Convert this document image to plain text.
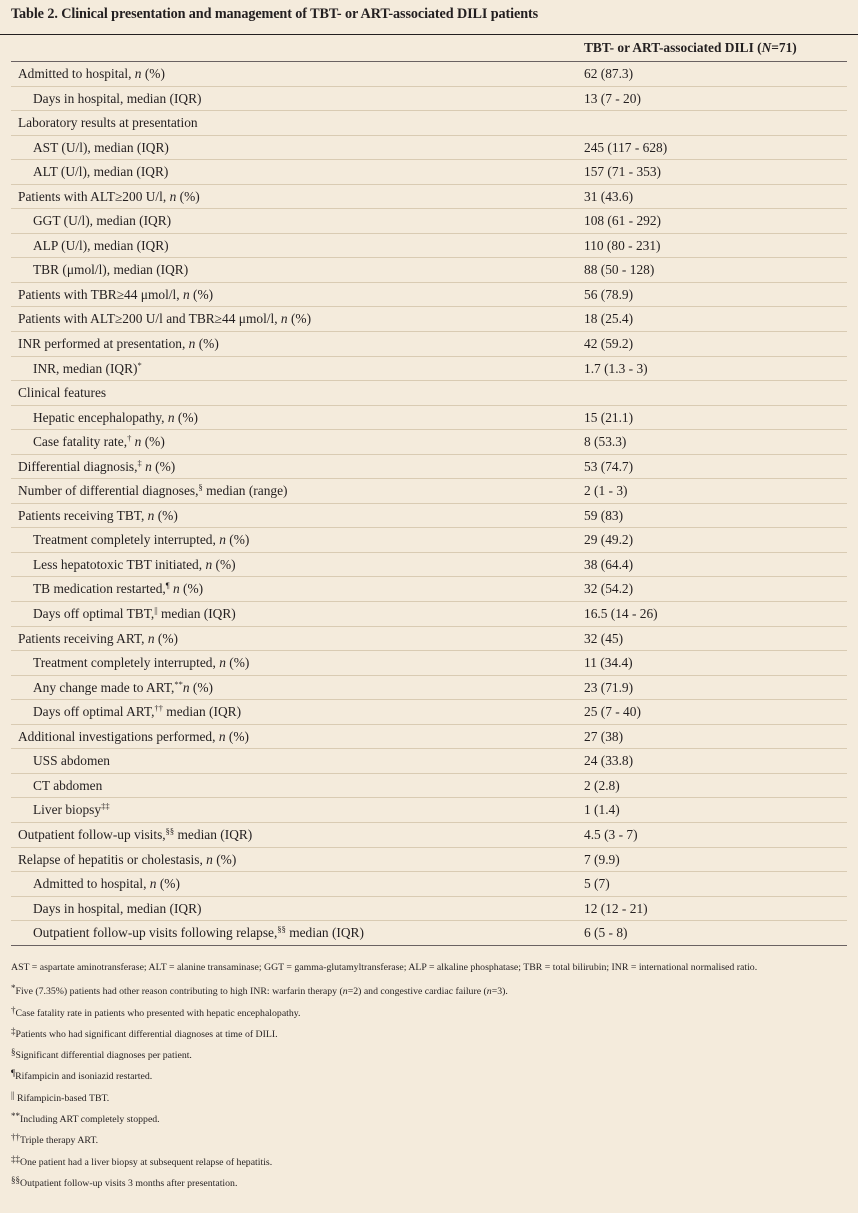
Table 2. Clinical presentation and management of TBT- or ART-associated DILI patients
TBT- or ART-associated DILI (N=71)
Admitted to hospital, n (%)	62 (87.3)
Days in hospital, median (IQR)	13 (7 - 20)
Laboratory results at presentation
AST (U/l), median (IQR)	245 (117 - 628)
ALT (U/l), median (IQR)	157 (71 - 353)
Patients with ALT≥200 U/l, n (%)	31 (43.6)
GGT (U/l), median (IQR)	108 (61 - 292)
ALP (U/l), median (IQR)	110 (80 - 231)
TBR (μmol/l), median (IQR)	88 (50 - 128)
Patients with TBR≥44 μmol/l, n (%)	56 (78.9)
Patients with ALT≥200 U/l and TBR≥44 μmol/l, n (%)	18 (25.4)
INR performed at presentation, n (%)	42 (59.2)
INR, median (IQR)*	1.7 (1.3 - 3)
Clinical features
Hepatic encephalopathy, n (%)	15 (21.1)
Case fatality rate,† n (%)	8 (53.3)
Differential diagnosis,‡ n (%)	53 (74.7)
Number of differential diagnoses,§ median (range)	2 (1 - 3)
Patients receiving TBT, n (%)	59 (83)
Treatment completely interrupted, n (%)	29 (49.2)
Less hepatotoxic TBT initiated, n (%)	38 (64.4)
TB medication restarted,¶ n (%)	32 (54.2)
Days off optimal TBT,|| median (IQR)	16.5 (14 - 26)
Patients receiving ART, n (%)	32 (45)
Treatment completely interrupted, n (%)	11 (34.4)
Any change made to ART,**n (%)	23 (71.9)
Days off optimal ART,†† median (IQR)	25 (7 - 40)
Additional investigations performed, n (%)	27 (38)
USS abdomen	24 (33.8)
CT abdomen	2 (2.8)
Liver biopsy‡‡	1 (1.4)
Outpatient follow-up visits,§§ median (IQR)	4.5 (3 - 7)
Relapse of hepatitis or cholestasis, n (%)	7 (9.9)
Admitted to hospital, n (%)	5 (7)
Days in hospital, median (IQR)	12 (12 - 21)
Outpatient follow-up visits following relapse,§§ median (IQR)	6 (5 - 8)
AST = aspartate aminotransferase; ALT = alanine transaminase; GGT = gamma-glutamyltransferase; ALP = alkaline phosphatase; TBR = total bilirubin; INR = international normalised ratio.
*Five (7.35%) patients had other reason contributing to high INR: warfarin therapy (n=2) and congestive cardiac failure (n=3).
†Case fatality rate in patients who presented with hepatic encephalopathy.
‡Patients who had significant differential diagnoses at time of DILI.
§Significant differential diagnoses per patient.
¶Rifampicin and isoniazid restarted.
|| Rifampicin-based TBT.
**Including ART completely stopped.
††Triple therapy ART.
‡‡One patient had a liver biopsy at subsequent relapse of hepatitis.
§§Outpatient follow-up visits 3 months after presentation.
